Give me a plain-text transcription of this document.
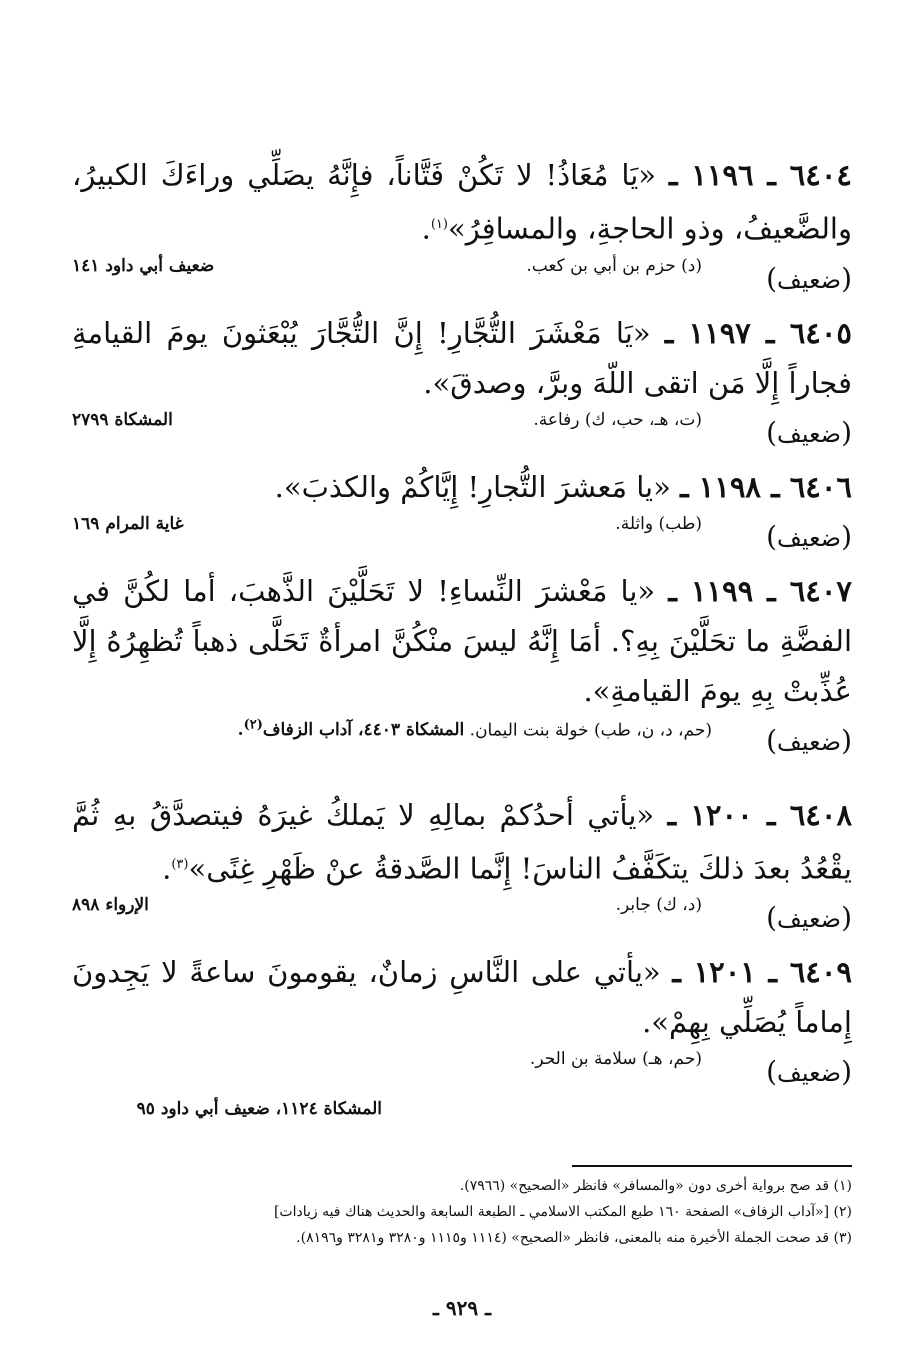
٦٤٠٤ ـ ١١٩٦ ـ «يَا مُعَاذُ! لا تَكُنْ فَتَّاناً، فإِنَّهُ يصَلِّي وراءَكَ الكبيرُ، والضَّعيفُ، وذو الحاجةِ، والمسافِرُ»$^{(١)}$.

(ضعيف)
(د) حزم بن أبي بن كعب.
ضعيف أبي داود ١٤١

٦٤٠٥ ـ ١١٩٧ ـ «يَا مَعْشَرَ التُّجَّارِ! إِنَّ التُّجَّارَ يُبْعَثونَ يومَ القيامةِ فجاراً إِلَّا مَن اتقى اللّهَ وبرَّ، وصدقَ».

(ضعيف)
(ت، هـ، حب، ك) رفاعة.
المشكاة ٢٧٩٩

٦٤٠٦ ـ ١١٩٨ ـ «يا مَعشرَ التُّجارِ! إِيَّاكُمْ والكذبَ».

(ضعيف)
(طب) واثلة.
غاية المرام ١٦٩

٦٤٠٧ ـ ١١٩٩ ـ «يا مَعْشرَ النِّساءِ! لا تَحَلَّيْنَ الذَّهبَ، أما لكُنَّ في الفضَّةِ ما تحَلَّيْنَ بِهِ؟. أمَا إِنَّهُ ليسَ منْكُنَّ امرأةٌ تَحَلَّى ذهباً تُظهِرُهُ إِلَّا عُذِّبتْ بِهِ يومَ القيامةِ».

(ضعيف)
(حم، د، ن، طب) خولة بنت اليمان. المشكاة ٤٤٠٣، آداب الزفاف$^{(٢)}$.

٦٤٠٨ ـ ١٢٠٠ ـ «يأتي أحدُكمْ بمالِهِ لا يَملكُ غيرَهُ فيتصدَّقُ بهِ ثُمَّ يقْعُدُ بعدَ ذلكَ يتكَفَّفُ الناسَ! إِنَّما الصَّدقةُ عنْ ظَهْرِ غِنًى»$^{(٣)}$.

(ضعيف)
(د، ك) جابر.
الإرواء ٨٩٨

٦٤٠٩ ـ ١٢٠١ ـ «يأتي على النَّاسِ زمانٌ، يقومونَ ساعةً لا يَجِدونَ إِماماً يُصَلِّي بِهِمْ».

(ضعيف)
(حم، هـ) سلامة بن الحر.
المشكاة ١١٢٤، ضعيف أبي داود ٩٥

(١) قد صح برواية أخرى دون «والمسافر» فانظر «الصحيح» (٧٩٦٦).

(٢) [«آداب الزفاف» الصفحة ١٦٠ طبع المكتب الاسلامي ـ الطبعة السابعة والحديث هناك فيه زيادات]

(٣) قد صحت الجملة الأخيرة منه بالمعنى، فانظر «الصحيح» (١١١٤ و١١١٥ و٣٢٨٠ و٣٢٨١ و٨١٩٦).

ـ ٩٢٩ ـ
